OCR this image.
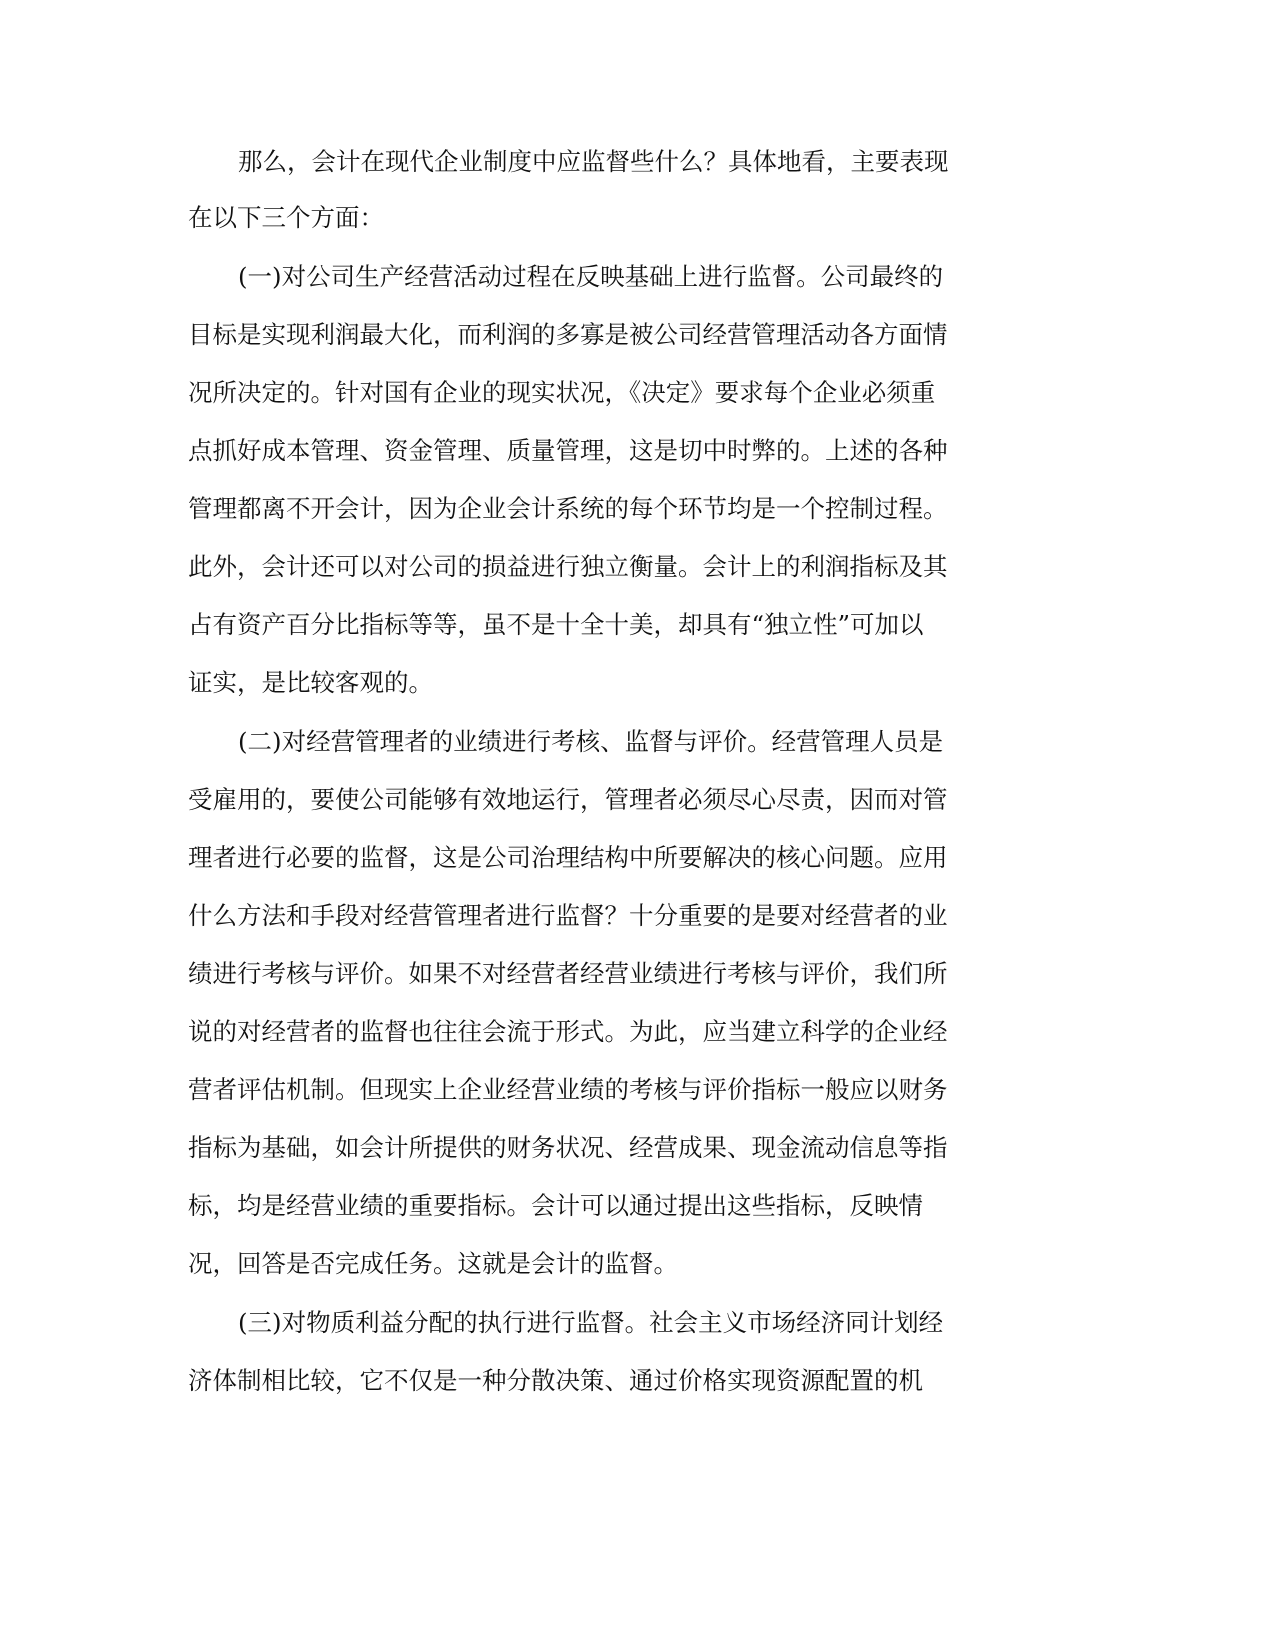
那么，会计在现代企业制度中应监督些什么？具体地看，主要表现
在以下三个方面：
(一)对公司生产经营活动过程在反映基础上进行监督。公司最终的
目标是实现利润最大化，而利润的多寡是被公司经营管理活动各方面情
况所决定的。针对国有企业的现实状况，《决定》要求每个企业必须重
点抓好成本管理、资金管理、质量管理，这是切中时弊的。上述的各种
管理都离不开会计，因为企业会计系统的每个环节均是一个控制过程。
此外，会计还可以对公司的损益进行独立衡量。会计上的利润指标及其
占有资产百分比指标等等，虽不是十全十美，却具有“独立性”可加以
证实，是比较客观的。
(二)对经营管理者的业绩进行考核、监督与评价。经营管理人员是
受雇用的，要使公司能够有效地运行，管理者必须尽心尽责，因而对管
理者进行必要的监督，这是公司治理结构中所要解决的核心问题。应用
什么方法和手段对经营管理者进行监督？十分重要的是要对经营者的业
绩进行考核与评价。如果不对经营者经营业绩进行考核与评价，我们所
说的对经营者的监督也往往会流于形式。为此，应当建立科学的企业经
营者评估机制。但现实上企业经营业绩的考核与评价指标一般应以财务
指标为基础，如会计所提供的财务状况、经营成果、现金流动信息等指
标，均是经营业绩的重要指标。会计可以通过提出这些指标，反映情
况，回答是否完成任务。这就是会计的监督。
(三)对物质利益分配的执行进行监督。社会主义市场经济同计划经
济体制相比较，它不仅是一种分散决策、通过价格实现资源配置的机
